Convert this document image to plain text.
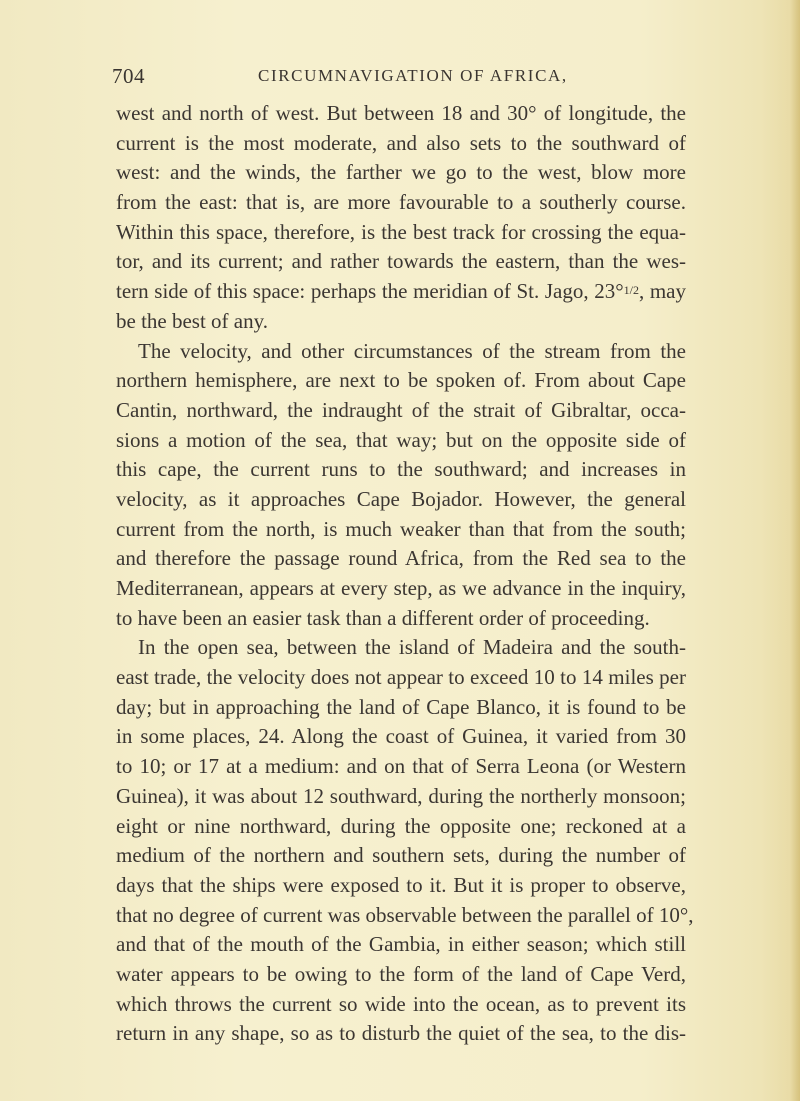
704	CIRCUMNAVIGATION OF AFRICA,
west and north of west. But between 18 and 30° of longitude, the
current is the most moderate, and also sets to the southward of
west: and the winds, the farther we go to the west, blow more
from the east: that is, are more favourable to a southerly course.
Within this space, therefore, is the best track for crossing the equa-
tor, and its current; and rather towards the eastern, than the wes-
tern side of this space: perhaps the meridian of St. Jago, 23°1/2, may
be the best of any.
The velocity, and other circumstances of the stream from the
northern hemisphere, are next to be spoken of. From about Cape
Cantin, northward, the indraught of the strait of Gibraltar, occa-
sions a motion of the sea, that way; but on the opposite side of
this cape, the current runs to the southward; and increases in
velocity, as it approaches Cape Bojador. However, the general
current from the north, is much weaker than that from the south;
and therefore the passage round Africa, from the Red sea to the
Mediterranean, appears at every step, as we advance in the inquiry,
to have been an easier task than a different order of proceeding.
In the open sea, between the island of Madeira and the south-
east trade, the velocity does not appear to exceed 10 to 14 miles per
day; but in approaching the land of Cape Blanco, it is found to be
in some places, 24. Along the coast of Guinea, it varied from 30
to 10; or 17 at a medium: and on that of Serra Leona (or Western
Guinea), it was about 12 southward, during the northerly monsoon;
eight or nine northward, during the opposite one; reckoned at a
medium of the northern and southern sets, during the number of
days that the ships were exposed to it. But it is proper to observe,
that no degree of current was observable between the parallel of 10°,
and that of the mouth of the Gambia, in either season; which still
water appears to be owing to the form of the land of Cape Verd,
which throws the current so wide into the ocean, as to prevent its
return in any shape, so as to disturb the quiet of the sea, to the dis-
